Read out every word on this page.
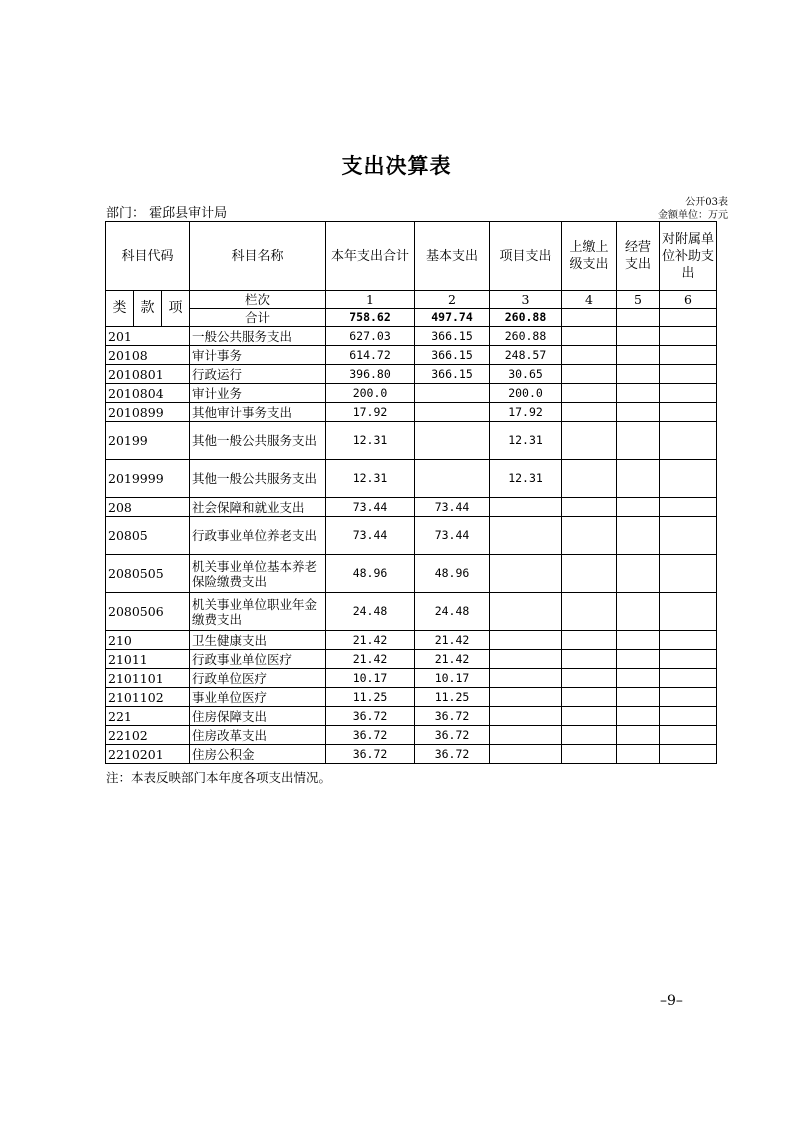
支出决算表
公开03表
部门： 霍邱县审计局	金额单位：万元
科目代码			科目名称	本年支出合计	基本支出	项目支出	上缴上级支出	经营支出	对附属单位补助支出
类	款	项	栏次	1	2	3	4	5	6
			合计	758.62	497.74	260.88			
201			一般公共服务支出	627.03	366.15	260.88			
20108			审计事务	614.72	366.15	248.57			
2010801			行政运行	396.80	366.15	30.65			
2010804			审计业务	200.0		200.0			
2010899			其他审计事务支出	17.92		17.92			
20199			其他一般公共服务支出	12.31		12.31			
2019999			其他一般公共服务支出	12.31		12.31			
208			社会保障和就业支出	73.44	73.44				
20805			行政事业单位养老支出	73.44	73.44				
2080505			机关事业单位基本养老保险缴费支出	48.96	48.96				
2080506			机关事业单位职业年金缴费支出	24.48	24.48				
210			卫生健康支出	21.42	21.42				
21011			行政事业单位医疗	21.42	21.42				
2101101			行政单位医疗	10.17	10.17				
2101102			事业单位医疗	11.25	11.25				
221			住房保障支出	36.72	36.72				
22102			住房改革支出	36.72	36.72				
2210201			住房公积金	36.72	36.72				
注：本表反映部门本年度各项支出情况。
–9–
